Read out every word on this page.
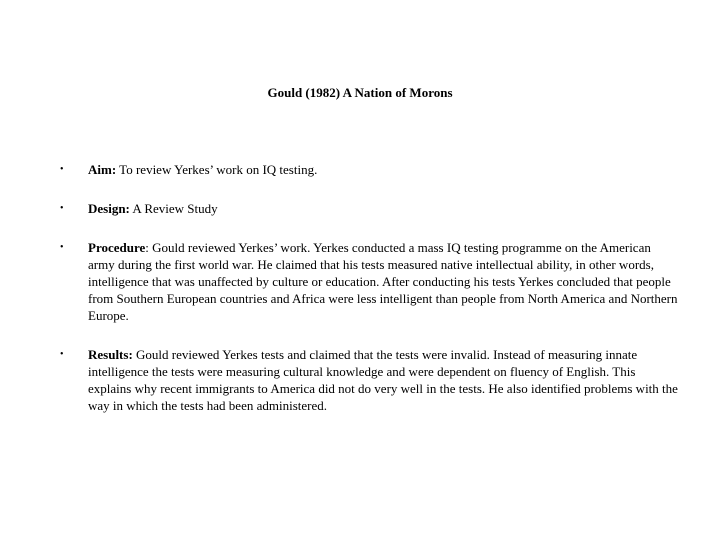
Gould (1982) A Nation of Morons
•	Aim: To review Yerkes’ work on IQ testing.
•	Design: A Review Study
•	Procedure: Gould reviewed Yerkes’ work. Yerkes conducted a mass IQ testing programme on the American army during the first world war. He claimed that his tests measured native intellectual ability, in other words, intelligence that was unaffected by culture or education. After conducting his tests Yerkes concluded that people from Southern European countries and Africa were less intelligent than people from North America and Northern Europe.
•	Results: Gould reviewed Yerkes tests and claimed that the tests were invalid. Instead of measuring innate intelligence the tests were measuring cultural knowledge and were dependent on fluency of English. This explains why recent immigrants to America did not do very well in the tests. He also identified problems with the way in which the tests had been administered.
